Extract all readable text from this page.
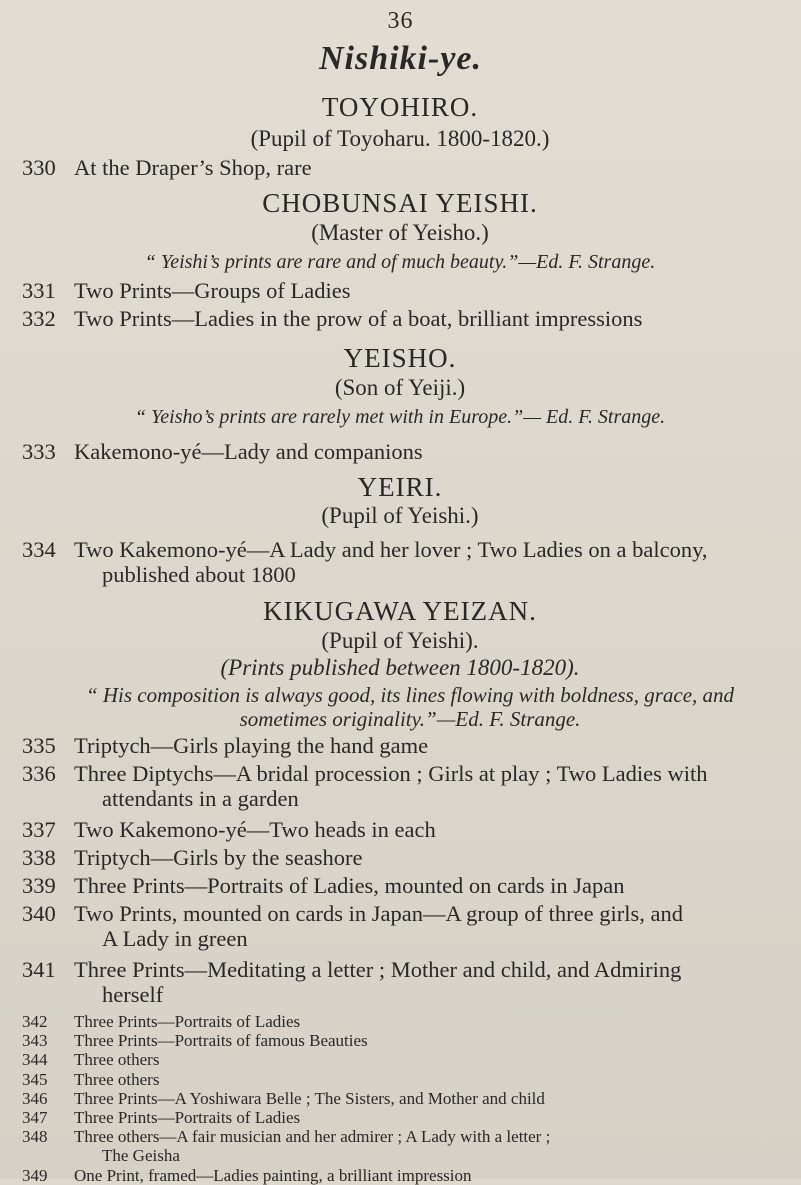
36
Nishiki-ye.
TOYOHIRO.
(Pupil of Toyoharu. 1800-1820.)
330 At the Draper’s Shop, rare
CHOBUNSAI YEISHI.
(Master of Yeisho.)
“ Yeishi’s prints are rare and of much beauty.”—Ed. F. Strange.
331 Two Prints—Groups of Ladies
332 Two Prints—Ladies in the prow of a boat, brilliant impressions
YEISHO.
(Son of Yeiji.)
“ Yeisho’s prints are rarely met with in Europe.”— Ed. F. Strange.
333 Kakemono-yé—Lady and companions
YEIRI.
(Pupil of Yeishi.)
334 Two Kakemono-yé—A Lady and her lover ; Two Ladies on a balcony,
published about 1800
KIKUGAWA YEIZAN.
(Pupil of Yeishi).
(Prints published between 1800-1820).
“ His composition is always good, its lines flowing with boldness, grace, and sometimes originality.”—Ed. F. Strange.
335 Triptych—Girls playing the hand game
336 Three Diptychs—A bridal procession ; Girls at play ; Two Ladies with
attendants in a garden
337 Two Kakemono-yé—Two heads in each
338 Triptych—Girls by the seashore
339 Three Prints—Portraits of Ladies, mounted on cards in Japan
340 Two Prints, mounted on cards in Japan—A group of three girls, and
A Lady in green
341 Three Prints—Meditating a letter ; Mother and child, and Admiring
herself
342	Three Prints—Portraits of Ladies
343	Three Prints—Portraits of famous Beauties
344	Three others
345	Three others
346	Three Prints—A Yoshiwara Belle ; The Sisters, and Mother and child
347	Three Prints—Portraits of Ladies
348	Three others—A fair musician and her admirer ; A Lady with a letter ;
The Geisha
349	One Print, framed—Ladies painting, a brilliant impression
